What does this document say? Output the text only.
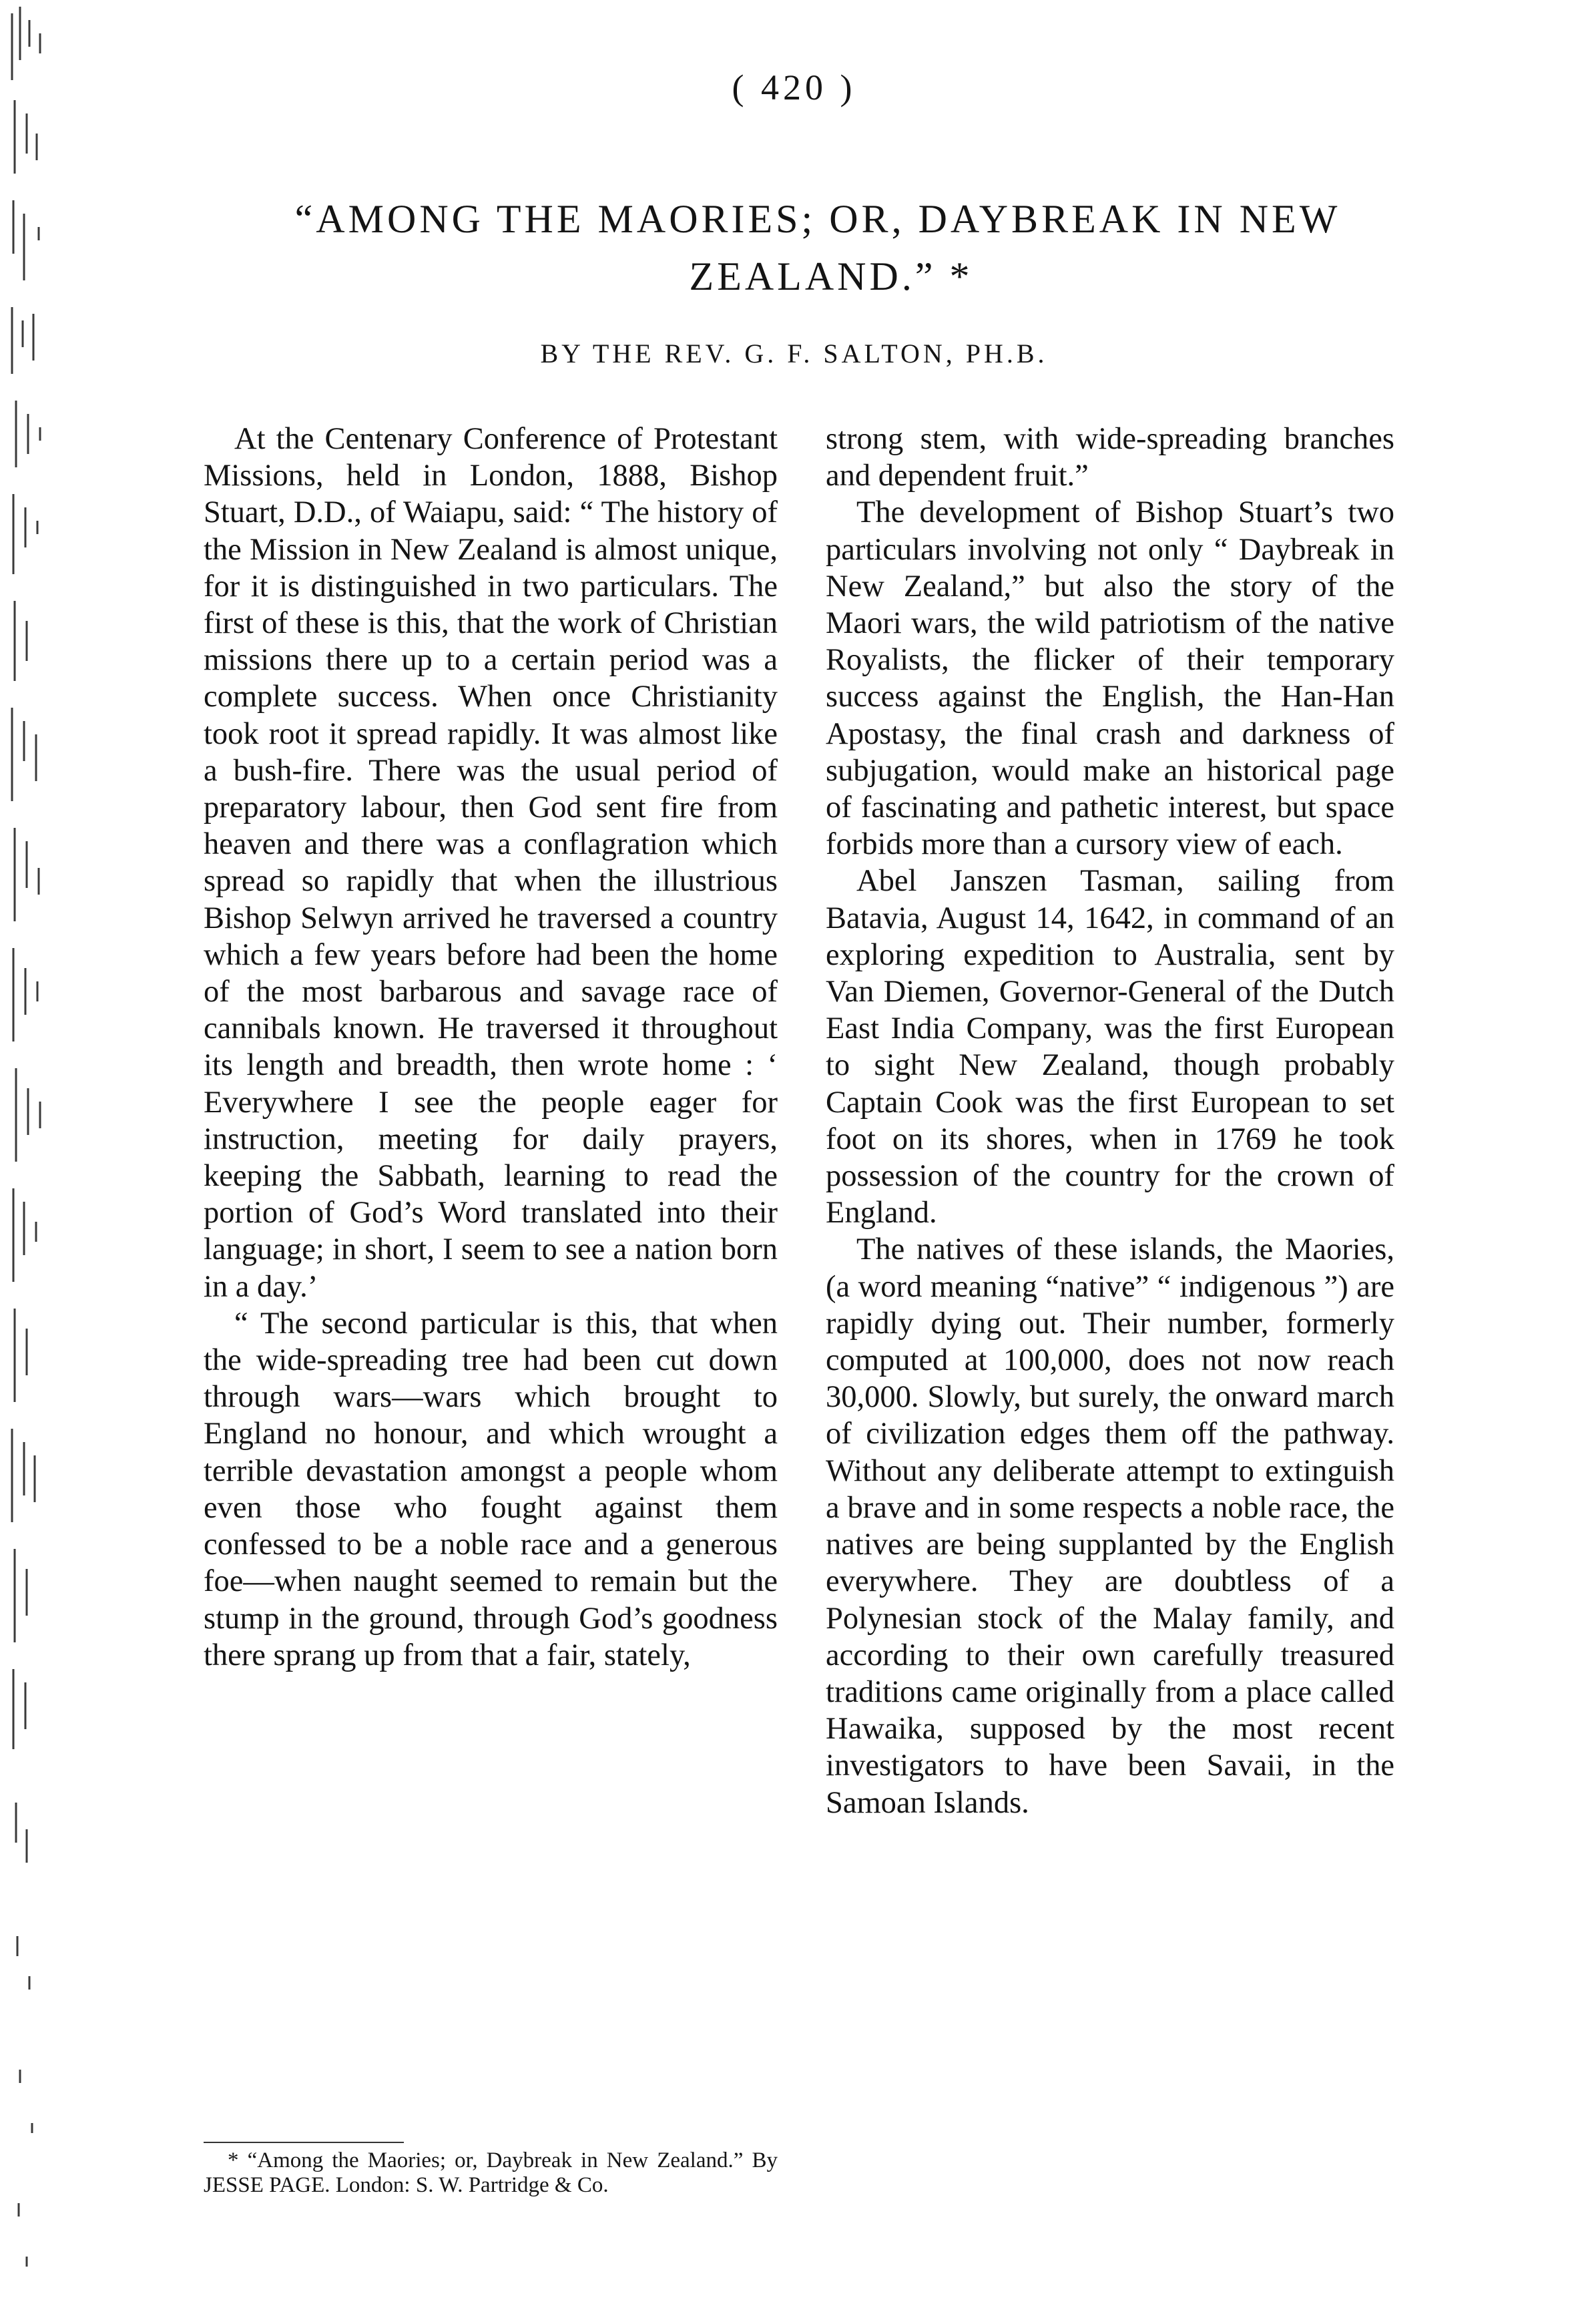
( 420 )
“AMONG THE MAORIES; OR, DAYBREAK IN NEW
ZEALAND.” *
BY THE REV. G. F. SALTON, PH.B.

At the Centenary Conference of Protestant Missions, held in London, 1888, Bishop Stuart, D.D., of Waiapu, said: “ The history of the Mission in New Zealand is almost unique, for it is distinguished in two particulars. The first of these is this, that the work of Christian missions there up to a certain period was a complete success. When once Christianity took root it spread rapidly. It was almost like a bush-fire. There was the usual period of preparatory labour, then God sent fire from heaven and there was a conflagration which spread so rapidly that when the illustrious Bishop Selwyn arrived he traversed a country which a few years before had been the home of the most barbarous and savage race of cannibals known. He traversed it throughout its length and breadth, then wrote home : ‘ Everywhere I see the people eager for instruction, meeting for daily prayers, keeping the Sabbath, learning to read the portion of God’s Word translated into their language; in short, I seem to see a nation born in a day.’

“ The second particular is this, that when the wide-spreading tree had been cut down through wars—wars which brought to England no honour, and which wrought a terrible devastation amongst a people whom even those who fought against them confessed to be a noble race and a generous foe—when naught seemed to remain but the stump in the ground, through God’s goodness there sprang up from that a fair, stately,

strong stem, with wide-spreading branches and dependent fruit.”

The development of Bishop Stuart’s two particulars involving not only “ Daybreak in New Zealand,” but also the story of the Maori wars, the wild patriotism of the native Royalists, the flicker of their temporary success against the English, the Han-Han Apostasy, the final crash and darkness of subjugation, would make an historical page of fascinating and pathetic interest, but space forbids more than a cursory view of each.

Abel Janszen Tasman, sailing from Batavia, August 14, 1642, in command of an exploring expedition to Australia, sent by Van Diemen, Governor-General of the Dutch East India Company, was the first European to sight New Zealand, though probably Captain Cook was the first European to set foot on its shores, when in 1769 he took possession of the country for the crown of England.

The natives of these islands, the Maories, (a word meaning “native” “ indigenous ”) are rapidly dying out. Their number, formerly computed at 100,000, does not now reach 30,000. Slowly, but surely, the onward march of civilization edges them off the pathway. Without any deliberate attempt to extinguish a brave and in some respects a noble race, the natives are being supplanted by the English everywhere. They are doubtless of a Polynesian stock of the Malay family, and according to their own carefully treasured traditions came originally from a place called Hawaika, supposed by the most recent investigators to have been Savaii, in the Samoan Islands.

* “Among the Maories; or, Daybreak in New Zealand.” By JESSE PAGE. London: S. W. Partridge & Co.
